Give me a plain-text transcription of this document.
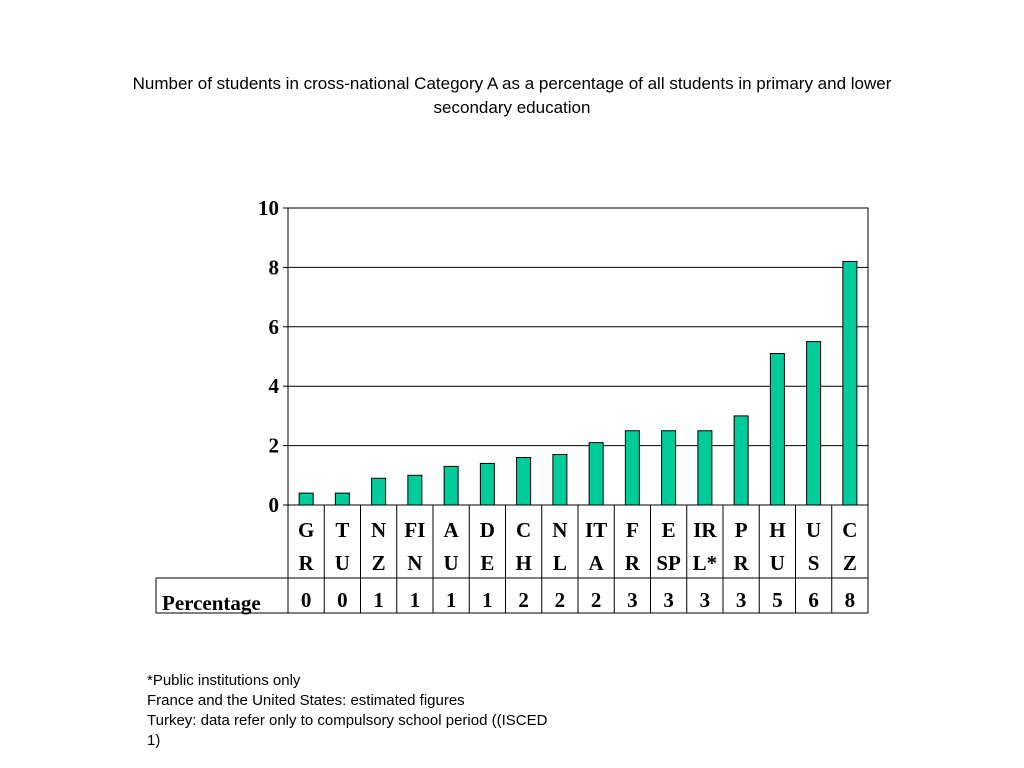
Number of students in cross-national Category A as a percentage of all students in primary and lower secondary education
0
2
4
6
8
10
G
R
T
U
N
Z
FI
N
A
U
D
E
C
H
N
L
IT
A
F
R
E
SP
IR
L*
P
R
H
U
U
S
C
Z
Percentage 0 0 1 1 1 1 2 2 2 3 3 3 3 5 6 8
*Public institutions only
France and the United States: estimated figures
Turkey: data refer only to compulsory school period ((ISCED
1)
